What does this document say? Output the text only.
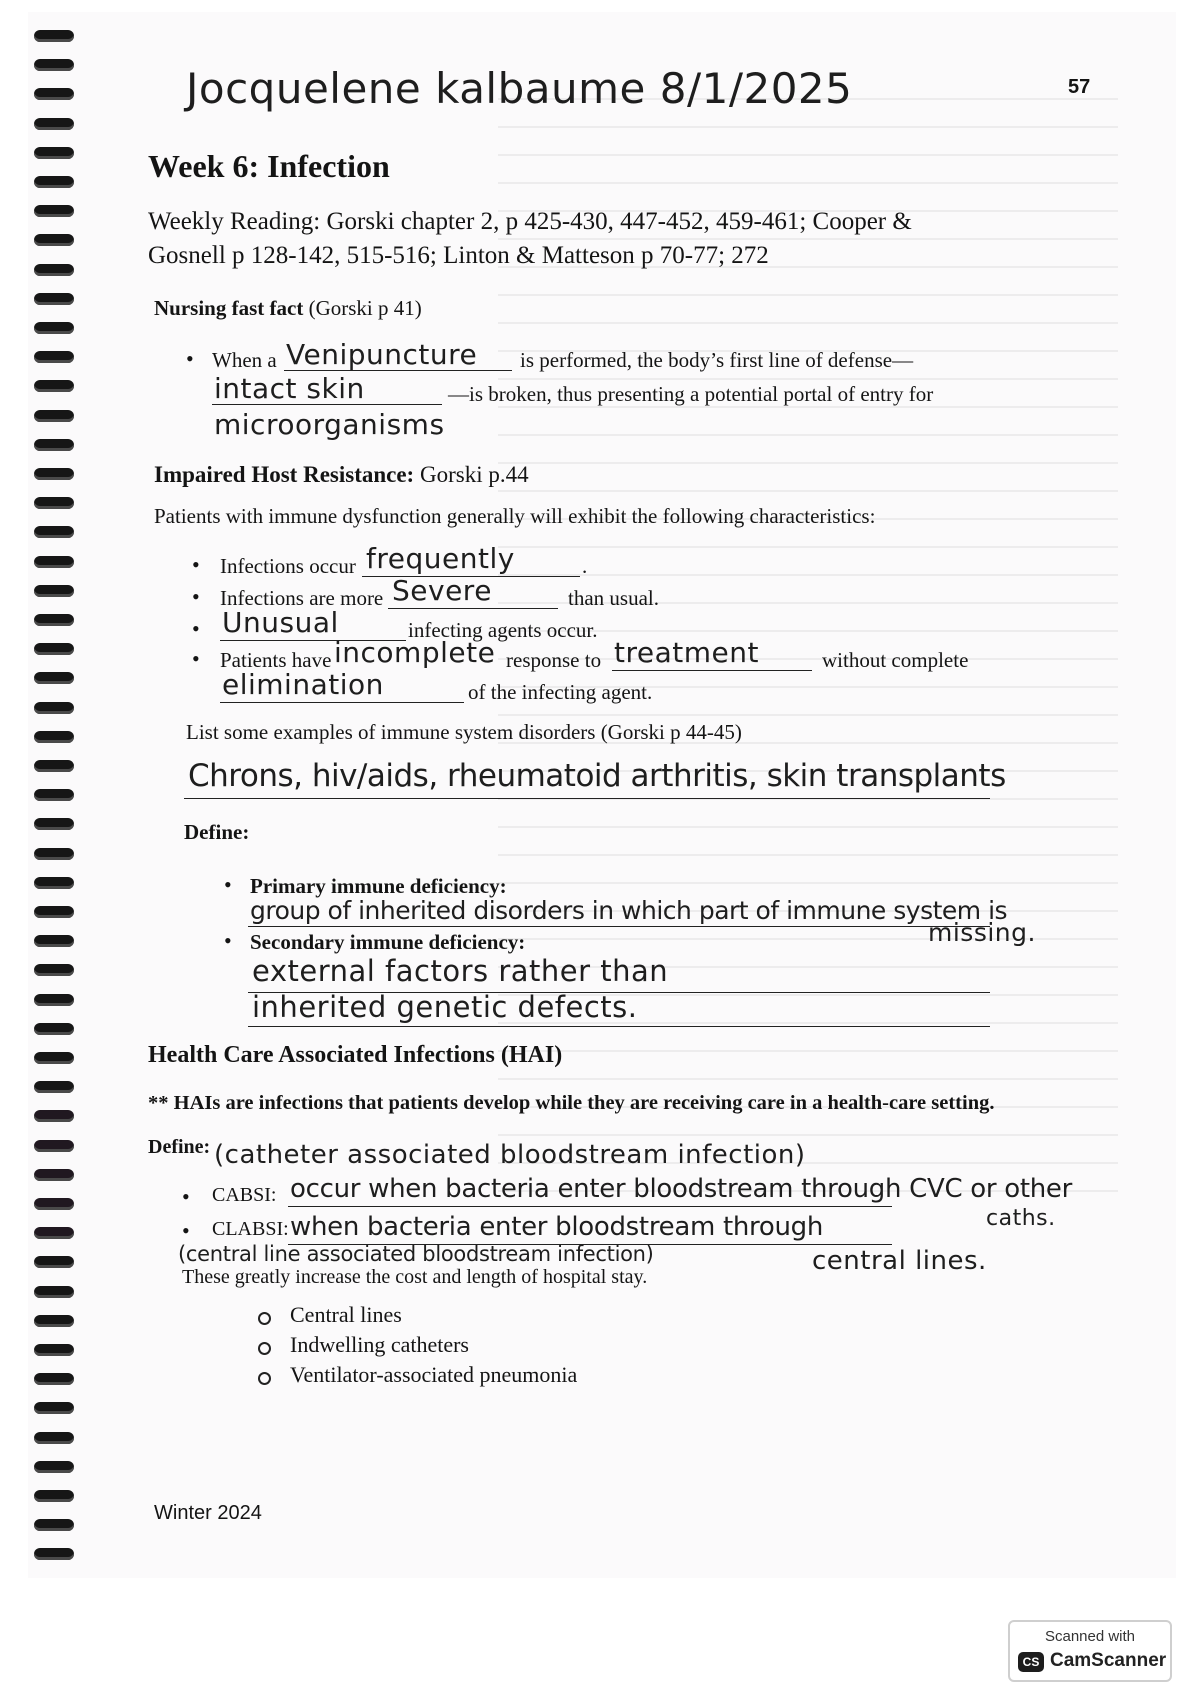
Jocquelene kalbaume 8/1/2025	57
Week 6: Infection
Weekly Reading: Gorski chapter 2, p 425-430, 447-452, 459-461; Cooper &
Gosnell p 128-142, 515-516; Linton & Matteson p 70-77; 272
Nursing fast fact (Gorski p 41)
• When a Venipuncture is performed, the body’s first line of defense—
intact skin	—is broken, thus presenting a potential portal of entry for
microorganisms
Impaired Host Resistance: Gorski p.44
Patients with immune dysfunction generally will exhibit the following characteristics:
• Infections occur frequently	.
• Infections are more Severe	than usual.
• Unusual	infecting agents occur.
• Patients have incomplete response to treatment	without complete
elimination	of the infecting agent.
List some examples of immune system disorders (Gorski p 44-45)
Chrons, hiv/aids, rheumatoid arthritis, skin transplants
Define:
• Primary immune deficiency:
group of inherited disorders in which part of immune system is
missing.
• Secondary immune deficiency:
external factors rather than
inherited genetic defects.
Health Care Associated Infections (HAI)
** HAIs are infections that patients develop while they are receiving care in a health-care setting.
Define: (catheter associated bloodstream infection)
• CABSI: occur when bacteria enter bloodstream through CVC or other
caths.
• CLABSI: when bacteria enter bloodstream through
(central line associated bloodstream infection)	central lines.
These greatly increase the cost and length of hospital stay.
Central lines
Indwelling catheters
Ventilator-associated pneumonia
Winter 2024
Scanned with
CS CamScanner
